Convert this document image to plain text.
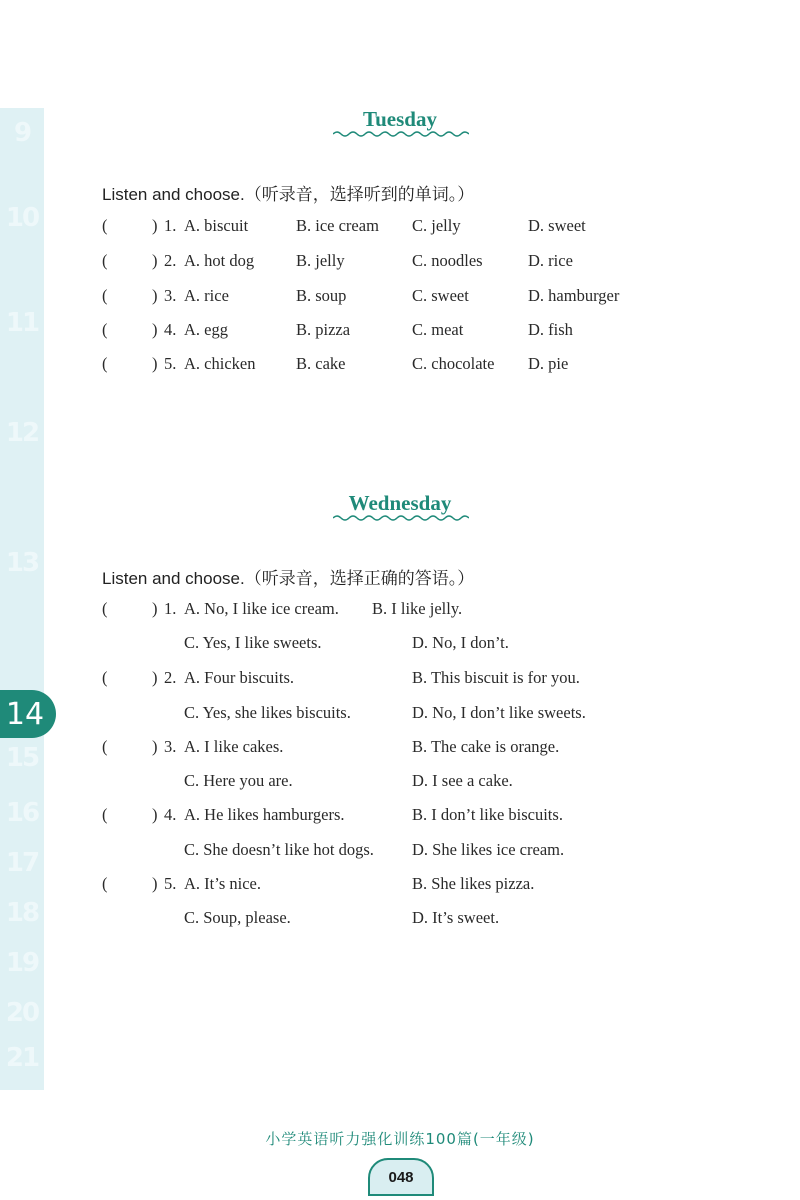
9
10
11
12
13
15
16
17
18
19
20
21
14
Tuesday
Listen and choose.（听录音，选择听到的单词。）
(	) 1. A. biscuit	B. ice cream C. jelly	D. sweet
(	) 2. A. hot dog	B. jelly	C. noodles	D. rice
(	) 3. A. rice	B. soup	C. sweet	D. hamburger
(	) 4. A. egg	B. pizza	C. meat	D. fish
(	) 5. A. chicken B. cake	C. chocolate D. pie
Wednesday
Listen and choose.（听录音，选择正确的答语。）
(	) 1. A. No, I like ice cream. B. I like jelly.
C. Yes, I like sweets.	D. No, I don’t.
(	) 2. A. Four biscuits.	B. This biscuit is for you.
C. Yes, she likes biscuits.	D. No, I don’t like sweets.
(	) 3. A. I like cakes.	B. The cake is orange.
C. Here you are.	D. I see a cake.
(	) 4. A. He likes hamburgers.	B. I don’t like biscuits.
C. She doesn’t like hot dogs. D. She likes ice cream.
(	) 5. A. It’s nice.	B. She likes pizza.
C. Soup, please.	D. It’s sweet.
小学英语听力强化训练100篇(一年级)
048
